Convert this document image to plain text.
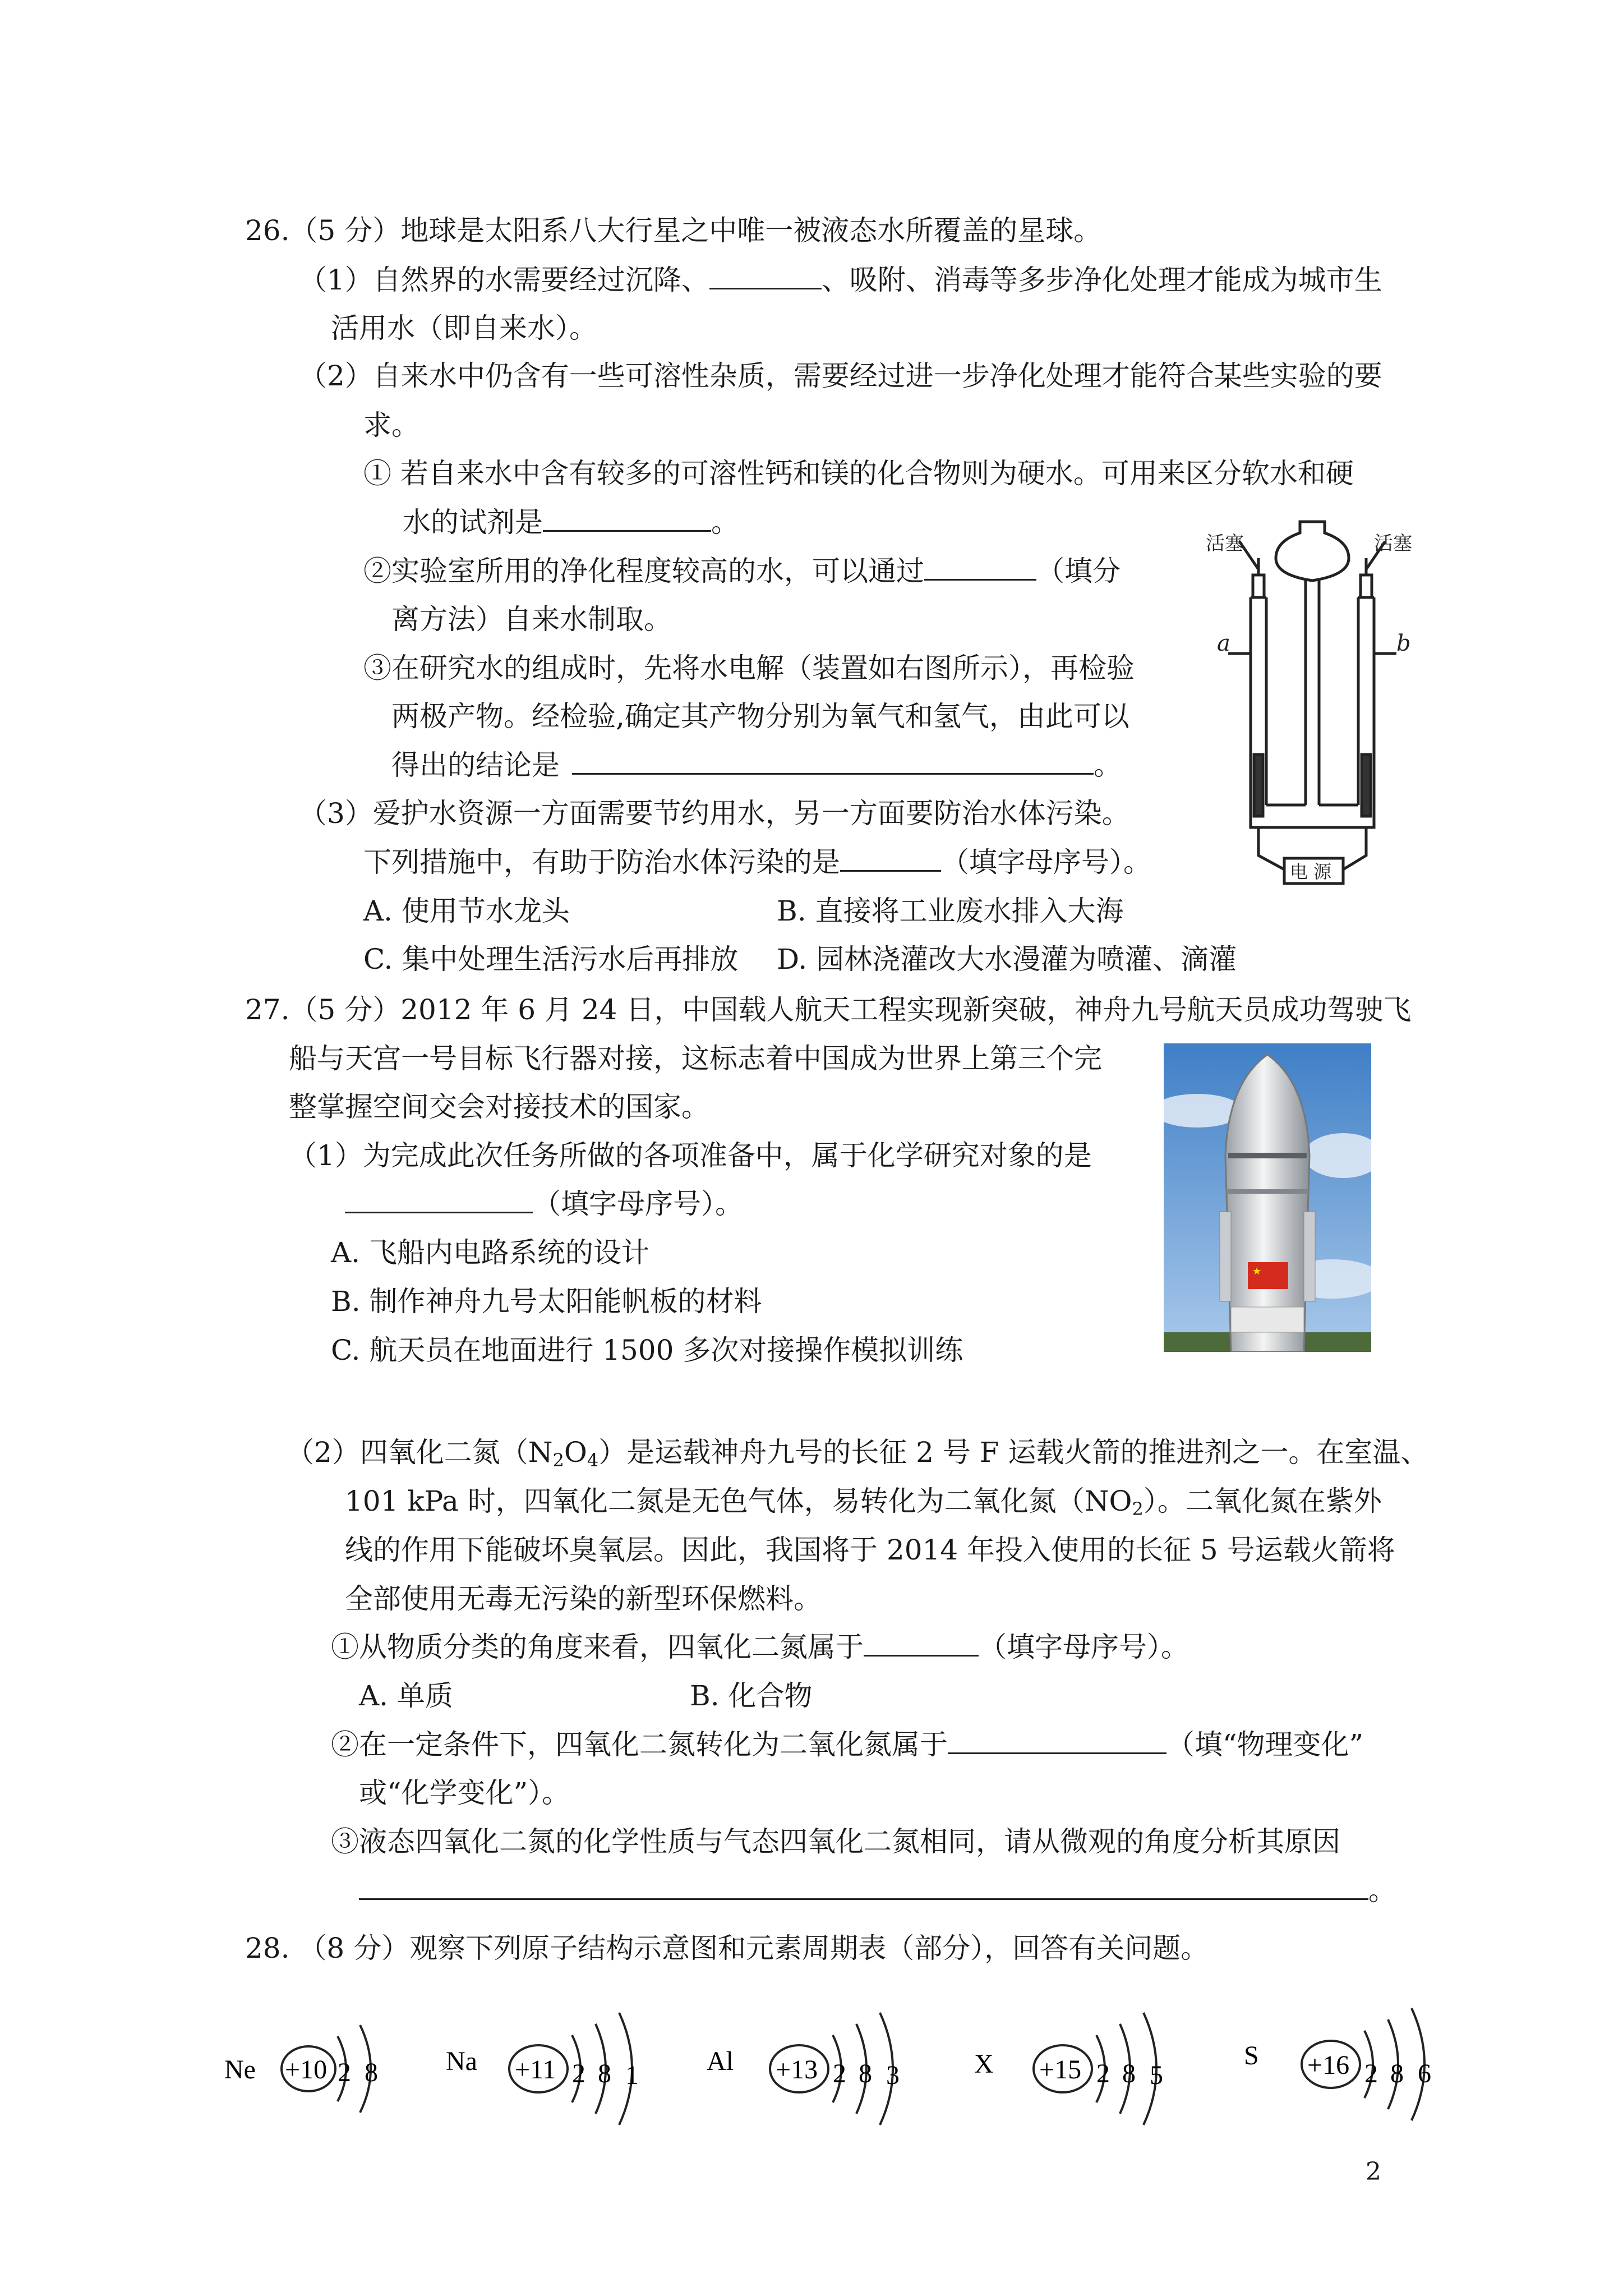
26.（5 分）地球是太阳系八大行星之中唯一被液态水所覆盖的星球。
（1）自然界的水需要经过沉降、	、吸附、消毒等多步净化处理才能成为城市生
活用水（即自来水）。
（2）自来水中仍含有一些可溶性杂质，需要经过进一步净化处理才能符合某些实验的要
求。
① 若自来水中含有较多的可溶性钙和镁的化合物则为硬水。可用来区分软水和硬
水的试剂是	。
②实验室所用的净化程度较高的水，可以通过	（填分
离方法）自来水制取。
③在研究水的组成时，先将水电解（装置如右图所示），再检验
两极产物。经检验,确定其产物分别为氧气和氢气，由此可以
得出的结论是	。
（3）爱护水资源一方面需要节约用水，另一方面要防治水体污染。
下列措施中，有助于防治水体污染的是	（填字母序号）。
A. 使用节水龙头	B. 直接将工业废水排入大海
C. 集中处理生活污水后再排放 D. 园林浇灌改大水漫灌为喷灌、滴灌
活塞	活塞
a	b
电 源
27.（5 分）2012 年 6 月 24 日，中国载人航天工程实现新突破，神舟九号航天员成功驾驶飞
船与天宫一号目标飞行器对接，这标志着中国成为世界上第三个完
整掌握空间交会对接技术的国家。
（1）为完成此次任务所做的各项准备中，属于化学研究对象的是
（填字母序号）。
A. 飞船内电路系统的设计
B. 制作神舟九号太阳能帆板的材料
C. 航天员在地面进行 1500 多次对接操作模拟训练
★
（2）四氧化二氮$(N_2O_4)$是运载神舟九号的长征 2 号 F 运载火箭的推进剂之一。在室温、
101 kPa 时，四氧化二氮是无色气体，易转化为二氧化氮$(NO_2)$。二氧化氮在紫外
线的作用下能破坏臭氧层。因此，我国将于 2014 年投入使用的长征 5 号运载火箭将
全部使用无毒无污染的新型环保燃料。
①从物质分类的角度来看，四氧化二氮属于	（填字母序号）。
A. 单质	B. 化合物
②在一定条件下，四氧化二氮转化为二氧化氮属于	（填“物理变化”
或“化学变化”）。
③液态四氧化二氮的化学性质与气态四氧化二氮相同，请从微观的角度分析其原因
。
28. （8 分）观察下列原子结构示意图和元素周期表（部分），回答有关问题。
Ne +10 2 8	Na +11 2 8 1	Al +13 2 8 3	X +15 2 8 5
S +16 2 8 6
2
